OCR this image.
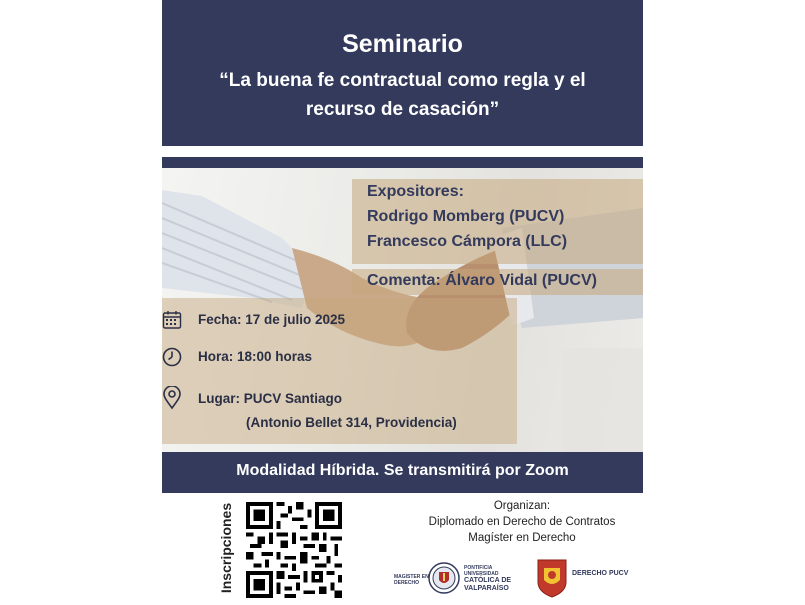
Seminario
“La buena fe contractual como regla y el recurso de casación”
Expositores:
Rodrigo Momberg (PUCV)
Francesco Cámpora (LLC)
Comenta: Álvaro Vidal (PUCV)
Fecha: 17 de julio 2025
Hora: 18:00 horas
Lugar: PUCV Santiago
(Antonio Bellet 314, Providencia)
Modalidad Híbrida. Se transmitirá por Zoom
Inscripciones	Organizan:
Diplomado en Derecho de Contratos
Magíster en Derecho
MAGISTER EN
DERECHO
PONTIFICIA
UNIVERSIDAD
CATÓLICA DE
VALPARAÍSO
DERECHO PUCV
